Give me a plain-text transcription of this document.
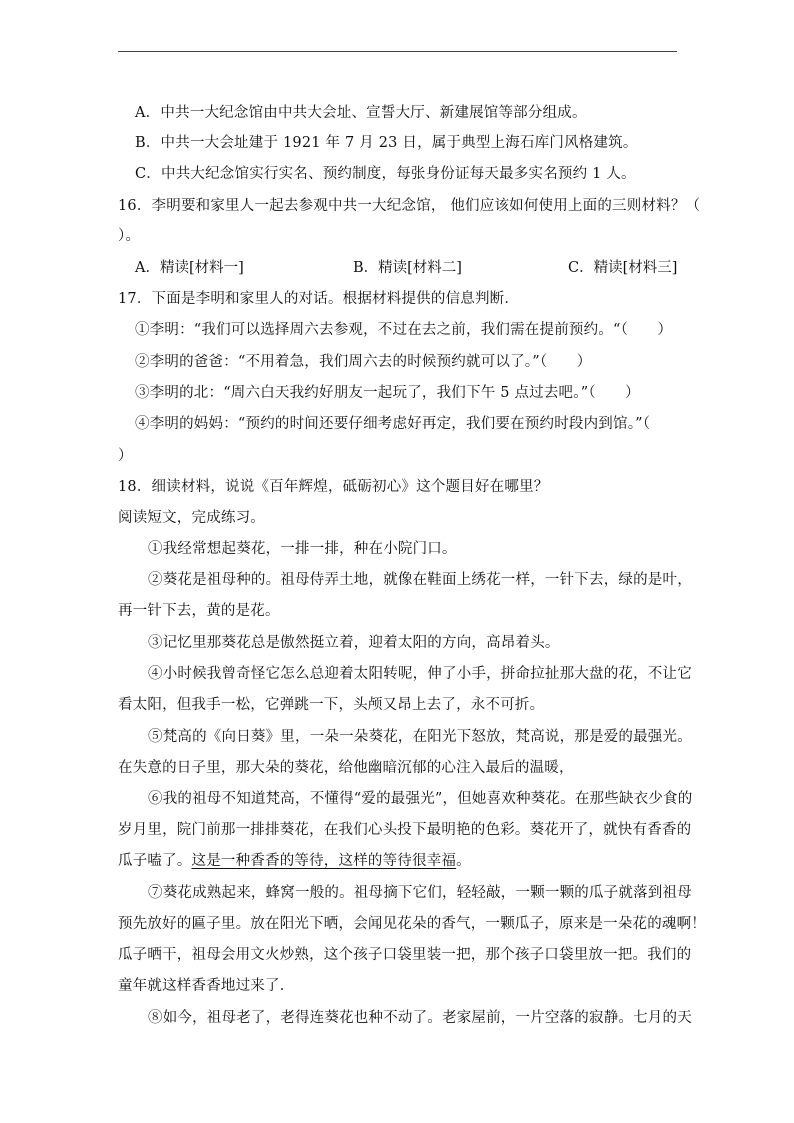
A．中共一大纪念馆由中共大会址、宣誓大厅、新建展馆等部分组成。
B．中共一大会址建于 1921 年 7 月 23 日，属于典型上海石库门风格建筑。
C．中共大纪念馆实行实名、预约制度，每张身份证每天最多实名预约 1 人。
16．李明要和家里人一起去参观中共一大纪念馆， 他们应该如何使用上面的三则材料？（
）。
A．精读[材料一]	B．精读[材料二]	C．精读[材料三]
17．下面是李明和家里人的对话。根据材料提供的信息判断．
①李明：“我们可以选择周六去参观，不过在去之前，我们需在提前预约。“（　　）
②李明的爸爸：“不用着急，我们周六去的时候预约就可以了。”（　　）
③李明的北：“周六白天我约好朋友一起玩了，我们下午 5 点过去吧。”（　　）
④李明的妈妈：“预约的时间还要仔细考虑好再定，我们要在预约时段内到馆。”（
）
18．细读材料，说说《百年辉煌，砥砺初心》这个题目好在哪里？
阅读短文，完成练习。
①我经常想起葵花，一排一排，种在小院门口。
②葵花是祖母种的。祖母侍弄土地，就像在鞋面上绣花一样，一针下去，绿的是叶，
再一针下去，黄的是花。
③记忆里那葵花总是傲然挺立着，迎着太阳的方向，高昂着头。
④小时候我曾奇怪它怎么总迎着太阳转呢，伸了小手，拼命拉扯那大盘的花，不让它
看太阳，但我手一松，它弹跳一下，头颅又昂上去了，永不可折。
⑤梵高的《向日葵》里，一朵一朵葵花，在阳光下怒放，梵高说，那是爱的最强光。
在失意的日子里，那大朵的葵花，给他幽暗沉郁的心注入最后的温暖，
⑥我的祖母不知道梵高，不懂得“爱的最强光”，但她喜欢种葵花。在那些缺衣少食的
岁月里，院门前那一排排葵花，在我们心头投下最明艳的色彩。葵花开了，就快有香香的
瓜子嗑了。这是一种香香的等待，这样的等待很幸福。
⑦葵花成熟起来，蜂窝一般的。祖母摘下它们，轻轻敲，一颗一颗的瓜子就落到祖母
预先放好的匾子里。放在阳光下晒，会闻见花朵的香气，一颗瓜子，原来是一朵花的魂啊！
瓜子晒干，祖母会用文火炒熟，这个孩子口袋里装一把，那个孩子口袋里放一把。我们的
童年就这样香香地过来了．
⑧如今，祖母老了，老得连葵花也种不动了。老家屋前，一片空落的寂静。七月的天
